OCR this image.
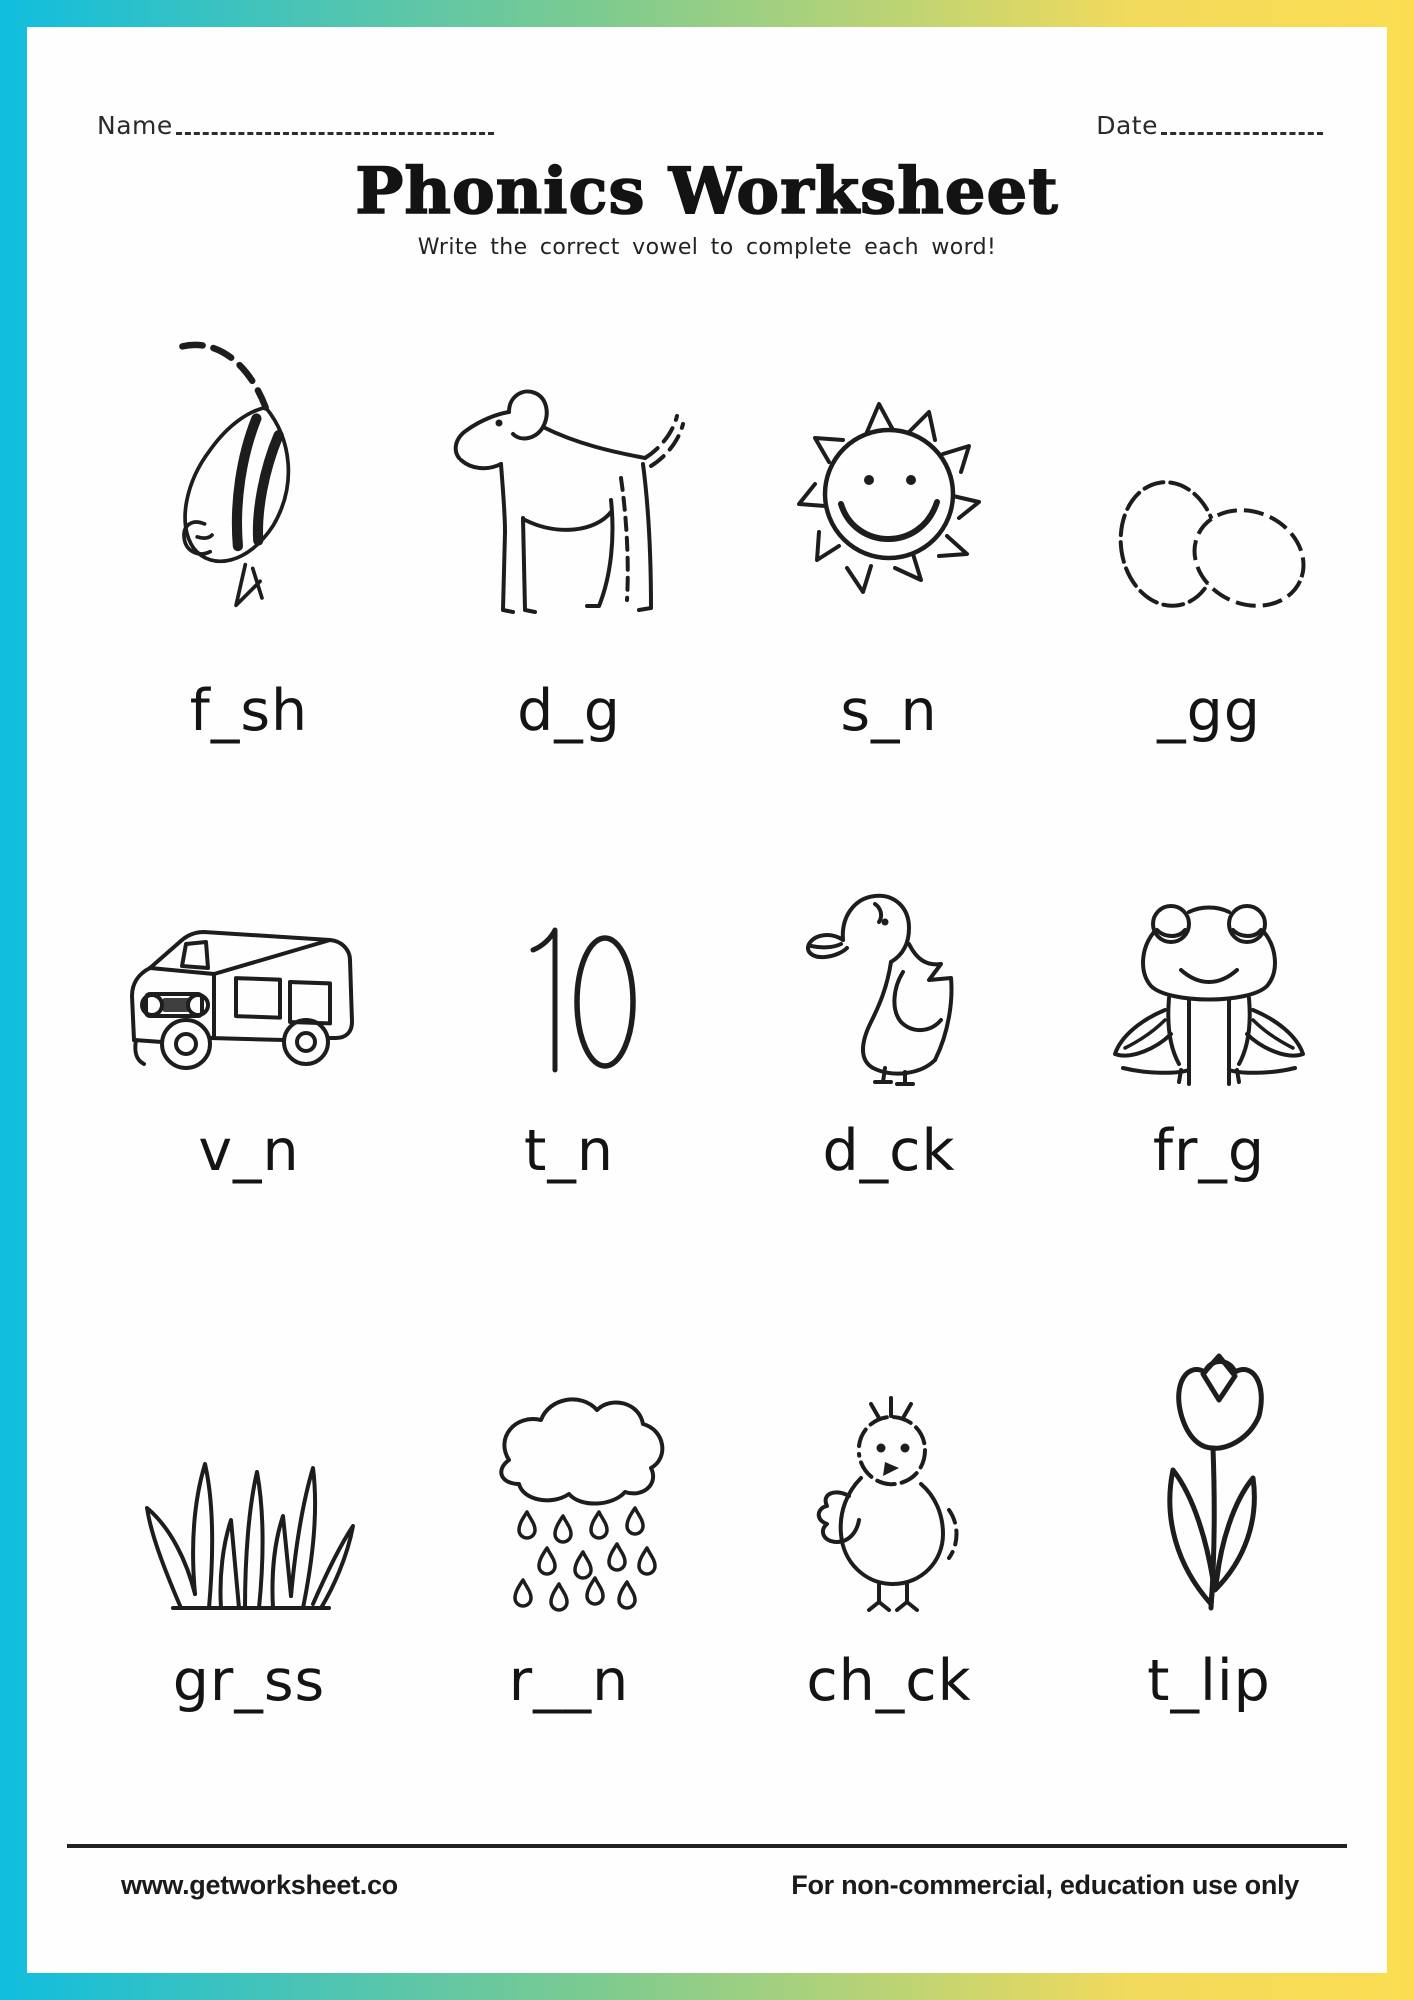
Name	Date
Phonics Worksheet
Write the correct vowel to complete each word!
f_sh	d_g	s_n	_gg
v_n	t_n	d_ck	fr_g
gr_ss	r__n	ch_ck	t_lip
www.getworksheet.co	For non-commercial, education use only
